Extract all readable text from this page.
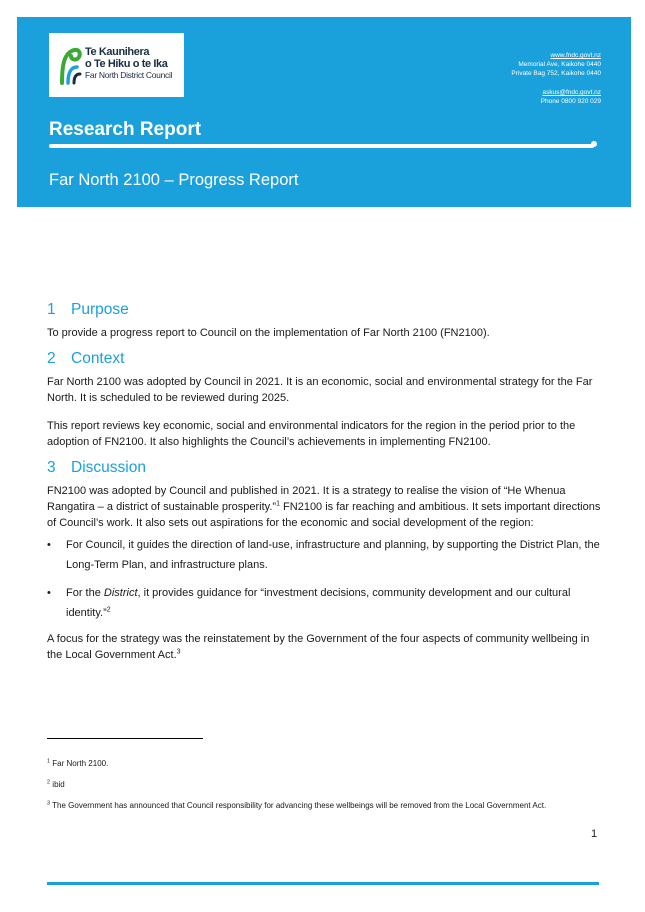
Te Kaunihera
o Te Hiku o te Ika
Far North District Council
www.fndc.govt.nz
Memorial Ave, Kaikohe 0440
Private Bag 752, Kaikohe 0440
askus@fndc.govt.nz
Phone 0800 920 029
Research Report
Far North 2100 – Progress Report
1 Purpose

To provide a progress report to Council on the implementation of Far North 2100 (FN2100).

2 Context

Far North 2100 was adopted by Council in 2021. It is an economic, social and environmental strategy for the Far North. It is scheduled to be reviewed during 2025.

This report reviews key economic, social and environmental indicators for the region in the period prior to the adoption of FN2100. It also highlights the Council’s achievements in implementing FN2100.

3 Discussion

FN2100 was adopted by Council and published in 2021. It is a strategy to realise the vision of “He Whenua Rangatira – a district of sustainable prosperity.”$^1$ FN2100 is far reaching and ambitious. It sets important directions of Council’s work. It also sets out aspirations for the economic and social development of the region:

• For Council, it guides the direction of land-use, infrastructure and planning, by supporting the District Plan, the Long-Term Plan, and infrastructure plans.
• For the District, it provides guidance for “investment decisions, community development and our cultural identity.”$^2$

A focus for the strategy was the reinstatement by the Government of the four aspects of community wellbeing in the Local Government Act.$^3$

$^1$ Far North 2100.
$^2$ ibid
$^3$ The Government has announced that Council responsibility for advancing these wellbeings will be removed from the Local Government Act.
1
